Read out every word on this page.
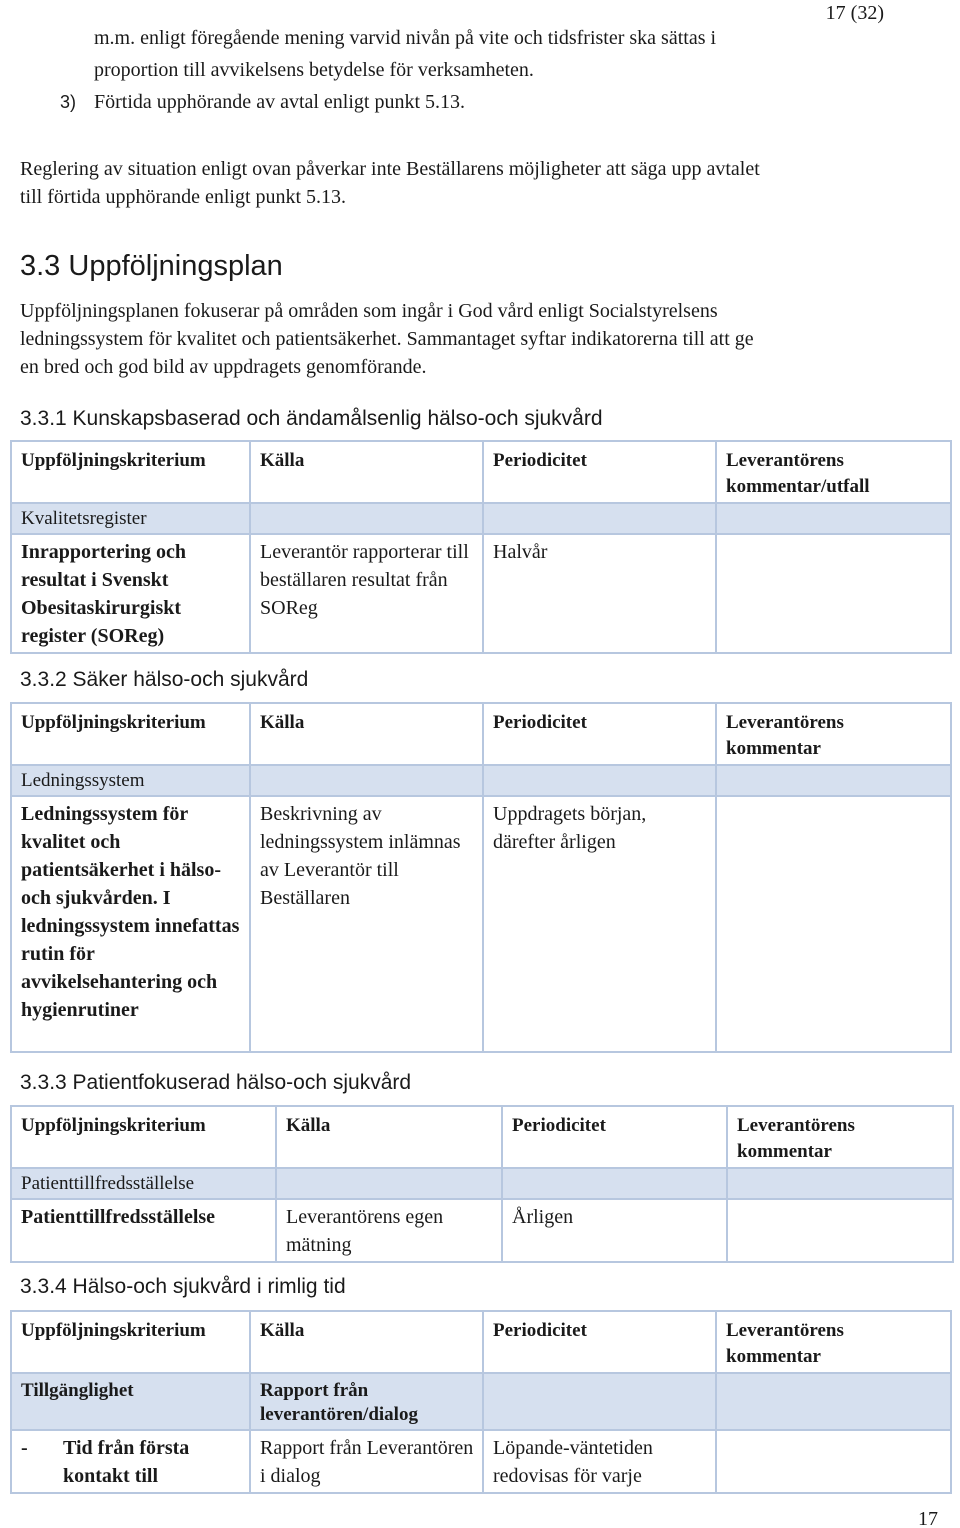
17 (32)
m.m. enligt föregående mening varvid nivån på vite och tidsfrister ska sättas i
proportion till avvikelsens betydelse för verksamheten.
3) Förtida upphörande av avtal enligt punkt 5.13.
Reglering av situation enligt ovan påverkar inte Beställarens möjligheter att säga upp avtalet
till förtida upphörande enligt punkt 5.13.
3.3 Uppföljningsplan
Uppföljningsplanen fokuserar på områden som ingår i God vård enligt Socialstyrelsens
ledningssystem för kvalitet och patientsäkerhet. Sammantaget syftar indikatorerna till att ge
en bred och god bild av uppdragets genomförande.
3.3.1 Kunskapsbaserad och ändamålsenlig hälso-och sjukvård
Uppföljningskriterium	Källa	Periodicitet	Leverantörens kommentar/utfall
Kvalitetsregister			
Inrapportering och resultat i Svenskt Obesitaskirurgiskt register (SOReg)	Leverantör rapporterar till beställaren resultat från SOReg	Halvår	
3.3.2 Säker hälso-och sjukvård
Uppföljningskriterium	Källa	Periodicitet	Leverantörens kommentar
Ledningssystem			
Ledningssystem för kvalitet och patientsäkerhet i hälso- och sjukvården. I ledningssystem innefattas rutin för avvikelsehantering och hygienrutiner	Beskrivning av ledningssystem inlämnas av Leverantör till Beställaren	Uppdragets början, därefter årligen	
3.3.3 Patientfokuserad hälso-och sjukvård
Uppföljningskriterium	Källa	Periodicitet	Leverantörens kommentar
Patienttillfredsställelse			
Patienttillfredsställelse	Leverantörens egen mätning	Årligen	
3.3.4 Hälso-och sjukvård i rimlig tid
Uppföljningskriterium	Källa	Periodicitet	Leverantörens kommentar
Tillgänglighet	Rapport från leverantören/dialog		

- Tid från första kontakt till	Rapport från Leverantören i dialog	Löpande-väntetiden redovisas för varje	
17
